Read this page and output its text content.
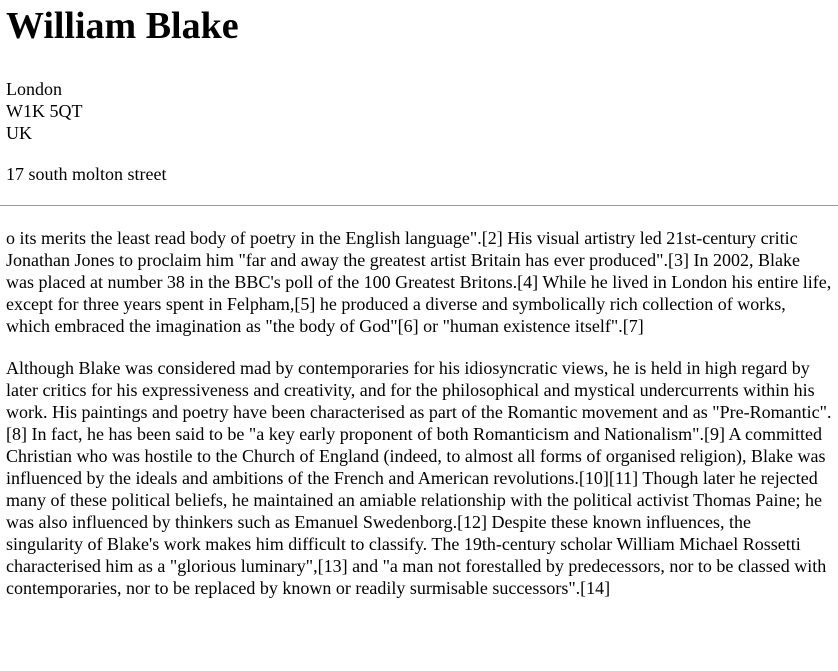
William Blake
London
W1K 5QT
UK
17 south molton street

o its merits the least read body of poetry in the English language".[2] His visual artistry led 21st-century critic Jonathan Jones to proclaim him "far and away the greatest artist Britain has ever produced".[3] In 2002, Blake was placed at number 38 in the BBC's poll of the 100 Greatest Britons.[4] While he lived in London his entire life, except for three years spent in Felpham,[5] he produced a diverse and symbolically rich collection of works, which embraced the imagination as "the body of God"[6] or "human existence itself".[7]

Although Blake was considered mad by contemporaries for his idiosyncratic views, he is held in high regard by later critics for his expressiveness and creativity, and for the philosophical and mystical undercurrents within his work. His paintings and poetry have been characterised as part of the Romantic movement and as "Pre-Romantic".[8] In fact, he has been said to be "a key early proponent of both Romanticism and Nationalism".[9] A committed Christian who was hostile to the Church of England (indeed, to almost all forms of organised religion), Blake was influenced by the ideals and ambitions of the French and American revolutions.[10][11] Though later he rejected many of these political beliefs, he maintained an amiable relationship with the political activist Thomas Paine; he was also influenced by thinkers such as Emanuel Swedenborg.[12] Despite these known influences, the singularity of Blake's work makes him difficult to classify. The 19th-century scholar William Michael Rossetti characterised him as a "glorious luminary",[13] and "a man not forestalled by predecessors, nor to be classed with contemporaries, nor to be replaced by known or readily surmisable successors".[14]
